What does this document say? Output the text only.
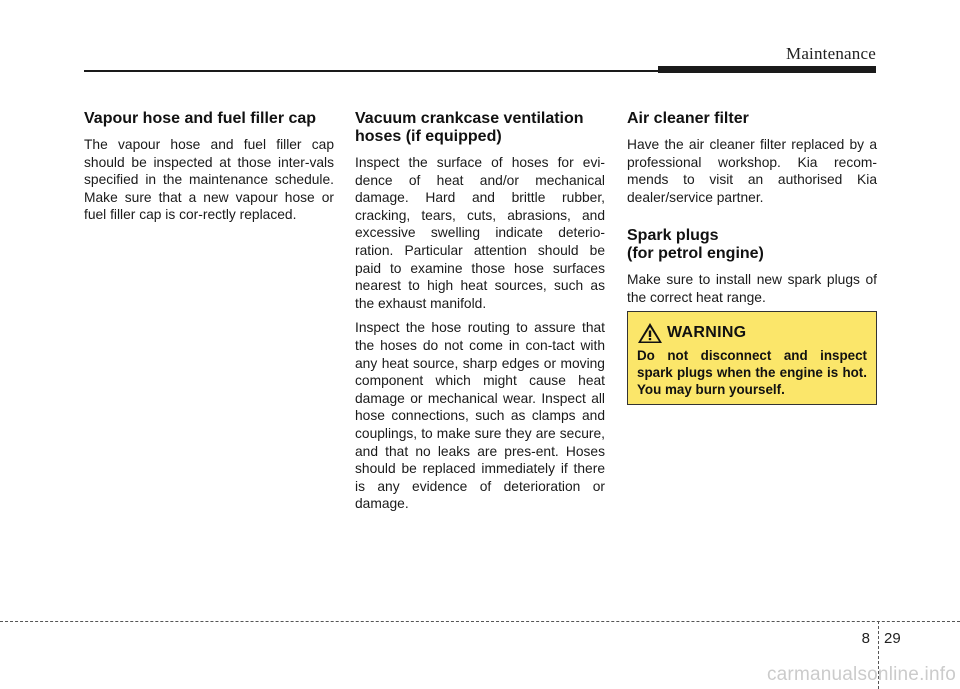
Maintenance
Vapour hose and fuel filler cap

The vapour hose and fuel filler cap should be inspected at those inter-vals specified in the maintenance schedule. Make sure that a new vapour hose or fuel filler cap is cor-rectly replaced.

Vacuum crankcase ventilation hoses (if equipped)

Inspect the surface of hoses for evi-dence of heat and/or mechanical damage. Hard and brittle rubber, cracking, tears, cuts, abrasions, and excessive swelling indicate deterio-ration. Particular attention should be paid to examine those hose surfaces nearest to high heat sources, such as the exhaust manifold.

Inspect the hose routing to assure that the hoses do not come in con-tact with any heat source, sharp edges or moving component which might cause heat damage or mechanical wear. Inspect all hose connections, such as clamps and couplings, to make sure they are secure, and that no leaks are pres-ent. Hoses should be replaced immediately if there is any evidence of deterioration or damage.

Air cleaner filter

Have the air cleaner filter replaced by a professional workshop. Kia recom-mends to visit an authorised Kia dealer/service partner.

Spark plugs
(for petrol engine)

Make sure to install new spark plugs of the correct heat range.

WARNING
Do not disconnect and inspect spark plugs when the engine is hot. You may burn yourself.
8 29
carmanualsonline.info
